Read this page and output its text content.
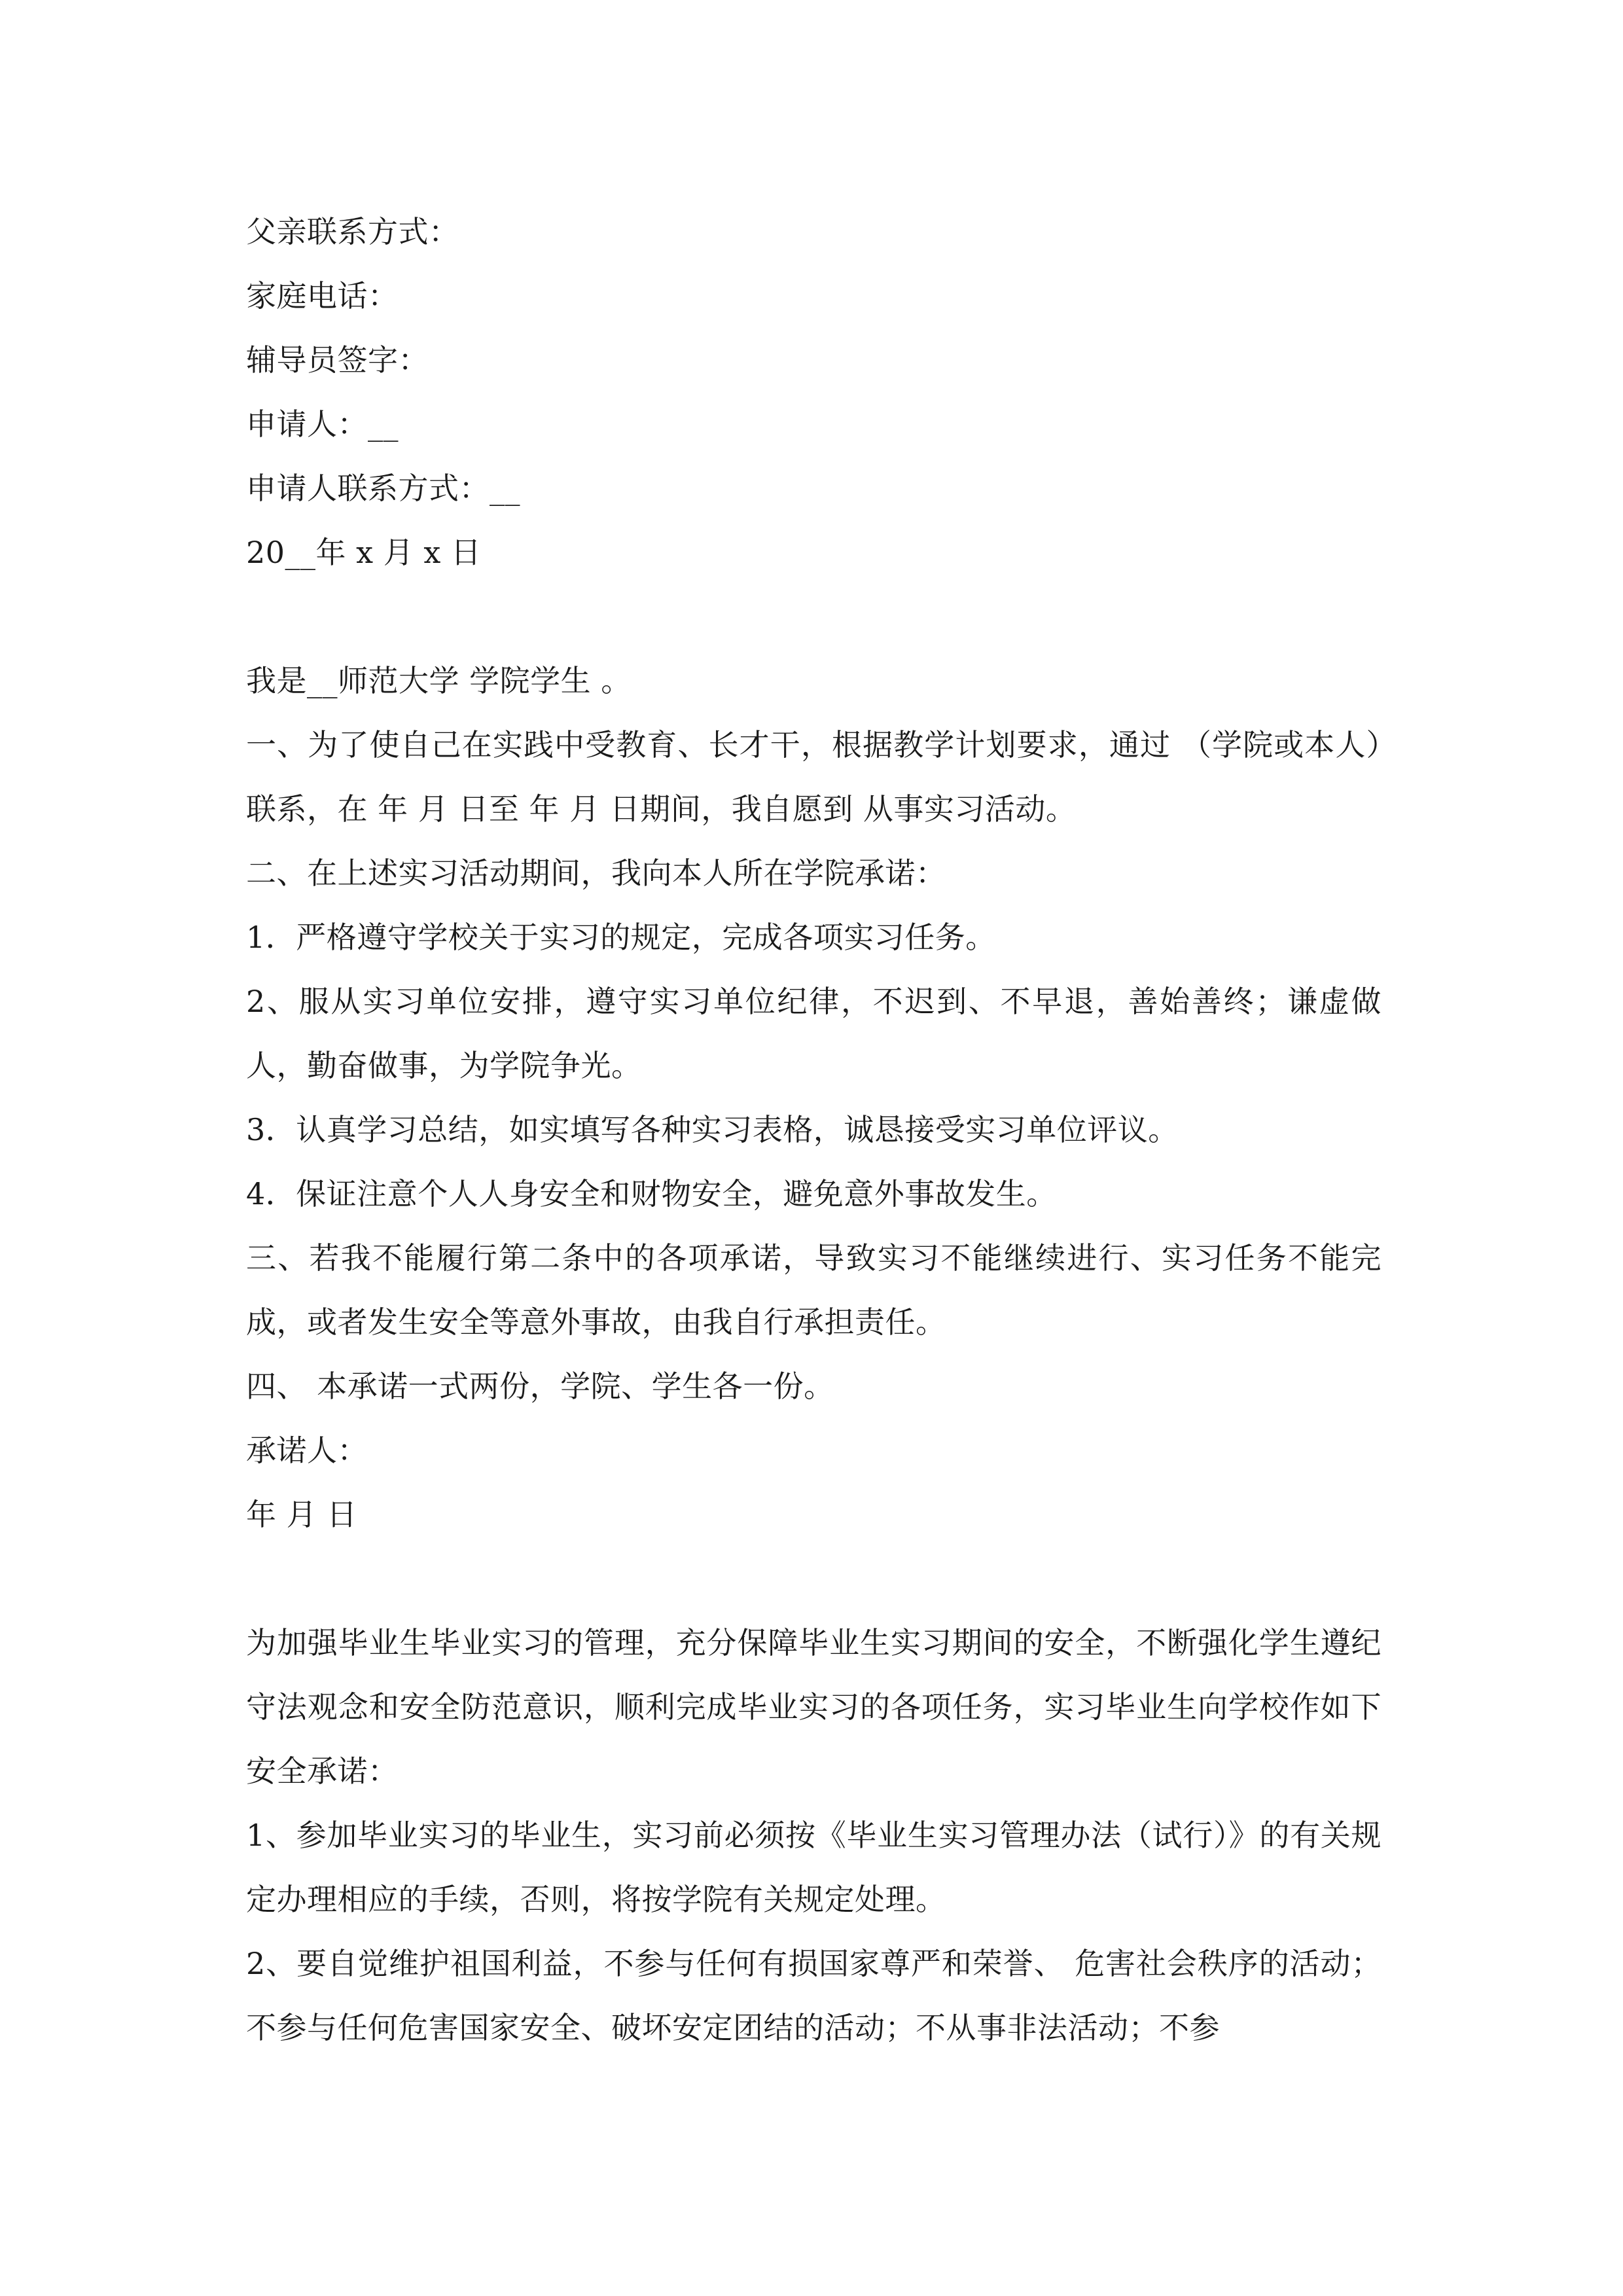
父亲联系方式：
家庭电话：
辅导员签字：
申请人：__
申请人联系方式：__
20__年 x 月 x 日
我是__师范大学 学院学生 。
一、为了使自己在实践中受教育、长才干，根据教学计划要求，通过 （学院或本人）联系，在 年 月 日至 年 月 日期间，我自愿到 从事实习活动。
二、在上述实习活动期间，我向本人所在学院承诺：
1．严格遵守学校关于实习的规定，完成各项实习任务。
2、服从实习单位安排，遵守实习单位纪律，不迟到、不早退，善始善终；谦虚做人，勤奋做事，为学院争光。
3．认真学习总结，如实填写各种实习表格，诚恳接受实习单位评议。
4．保证注意个人人身安全和财物安全，避免意外事故发生。
三、若我不能履行第二条中的各项承诺，导致实习不能继续进行、实习任务不能完成，或者发生安全等意外事故，由我自行承担责任。
四、 本承诺一式两份，学院、学生各一份。
承诺人：
年 月 日
为加强毕业生毕业实习的管理，充分保障毕业生实习期间的安全，不断强化学生遵纪守法观念和安全防范意识，顺利完成毕业实习的各项任务，实习毕业生向学校作如下安全承诺：
1、参加毕业实习的毕业生，实习前必须按《毕业生实习管理办法（试行）》的有关规定办理相应的手续，否则，将按学院有关规定处理。
2、要自觉维护祖国利益，不参与任何有损国家尊严和荣誉、 危害社会秩序的活动；不参与任何危害国家安全、破坏安定团结的活动；不从事非法活动；不参
